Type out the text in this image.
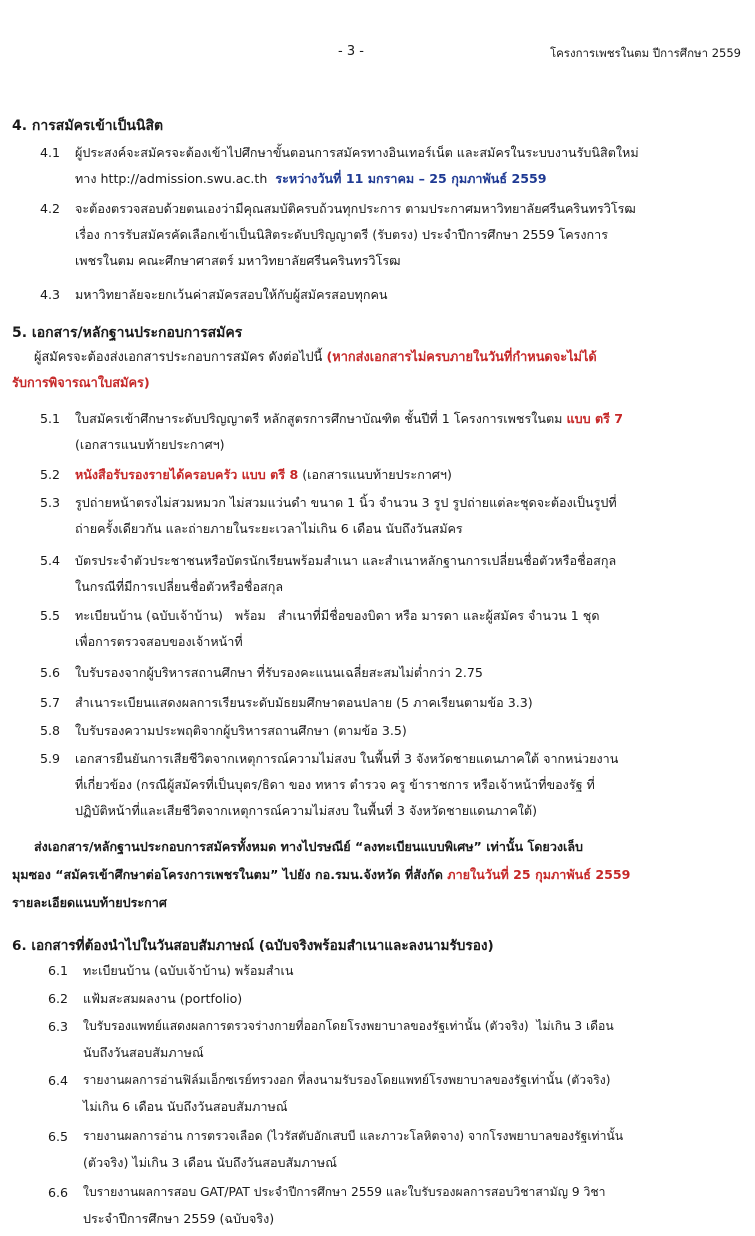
- 3 -	โครงการเพชรในตม ปีการศึกษา 2559
4. การสมัครเข้าเป็นนิสิต
4.1	ผู้ประสงค์จะสมัครจะต้องเข้าไปศึกษาขั้นตอนการสมัครทางอินเทอร์เน็ต และสมัครในระบบงานรับนิสิตใหม่
ทาง http://admission.swu.ac.th ระหว่างวันที่ 11 มกราคม – 25 กุมภาพันธ์ 2559
4.2	จะต้องตรวจสอบด้วยตนเองว่ามีคุณสมบัติครบถ้วนทุกประการ ตามประกาศมหาวิทยาลัยศรีนครินทรวิโรฒ
เรื่อง การรับสมัครคัดเลือกเข้าเป็นนิสิตระดับปริญญาตรี (รับตรง) ประจำปีการศึกษา 2559 โครงการ
เพชรในตม คณะศึกษาศาสตร์ มหาวิทยาลัยศรีนครินทรวิโรฒ
4.3	มหาวิทยาลัยจะยกเว้นค่าสมัครสอบให้กับผู้สมัครสอบทุกคน
5. เอกสาร/หลักฐานประกอบการสมัคร
ผู้สมัครจะต้องส่งเอกสารประกอบการสมัคร ดังต่อไปนี้ (หากส่งเอกสารไม่ครบภายในวันที่กำหนดจะไม่ได้
รับการพิจารณาใบสมัคร)
5.1	ใบสมัครเข้าศึกษาระดับปริญญาตรี หลักสูตรการศึกษาบัณฑิต ชั้นปีที่ 1 โครงการเพชรในตม แบบ ตรี 7
(เอกสารแนบท้ายประกาศฯ)
5.2	หนังสือรับรองรายได้ครอบครัว แบบ ตรี 8 (เอกสารแนบท้ายประกาศฯ)
5.3	รูปถ่ายหน้าตรงไม่สวมหมวก ไม่สวมแว่นดำ ขนาด 1 นิ้ว จำนวน 3 รูป รูปถ่ายแต่ละชุดจะต้องเป็นรูปที่
ถ่ายครั้งเดียวกัน และถ่ายภายในระยะเวลาไม่เกิน 6 เดือน นับถึงวันสมัคร
5.4	บัตรประจำตัวประชาชนหรือบัตรนักเรียนพร้อมสำเนา และสำเนาหลักฐานการเปลี่ยนชื่อตัวหรือชื่อสกุล
ในกรณีที่มีการเปลี่ยนชื่อตัวหรือชื่อสกุล
5.5	ทะเบียนบ้าน (ฉบับเจ้าบ้าน)   พร้อม   สำเนาที่มีชื่อของบิดา หรือ มารดา และผู้สมัคร จำนวน 1 ชุด
เพื่อการตรวจสอบของเจ้าหน้าที่
5.6	ใบรับรองจากผู้บริหารสถานศึกษา ที่รับรองคะแนนเฉลี่ยสะสมไม่ต่ำกว่า 2.75
5.7	สำเนาระเบียนแสดงผลการเรียนระดับมัธยมศึกษาตอนปลาย (5 ภาคเรียนตามข้อ 3.3)
5.8	ใบรับรองความประพฤติจากผู้บริหารสถานศึกษา (ตามข้อ 3.5)
5.9	เอกสารยืนยันการเสียชีวิตจากเหตุการณ์ความไม่สงบ ในพื้นที่ 3 จังหวัดชายแดนภาคใต้ จากหน่วยงาน
ที่เกี่ยวข้อง (กรณีผู้สมัครที่เป็นบุตร/ธิดา ของ ทหาร ตำรวจ ครู ข้าราชการ หรือเจ้าหน้าที่ของรัฐ ที่
ปฏิบัติหน้าที่และเสียชีวิตจากเหตุการณ์ความไม่สงบ ในพื้นที่ 3 จังหวัดชายแดนภาคใต้)
ส่งเอกสาร/หลักฐานประกอบการสมัครทั้งหมด ทางไปรษณีย์ “ลงทะเบียนแบบพิเศษ” เท่านั้น โดยวงเล็บ
มุมซอง “สมัครเข้าศึกษาต่อโครงการเพชรในตม” ไปยัง กอ.รมน.จังหวัด ที่สังกัด ภายในวันที่ 25 กุมภาพันธ์ 2559
รายละเอียดแนบท้ายประกาศ
6. เอกสารที่ต้องนำไปในวันสอบสัมภาษณ์ (ฉบับจริงพร้อมสำเนาและลงนามรับรอง)
6.1	ทะเบียนบ้าน (ฉบับเจ้าบ้าน) พร้อมสำเน
6.2	แฟ้มสะสมผลงาน (portfolio)
6.3	ใบรับรองแพทย์แสดงผลการตรวจร่างกายที่ออกโดยโรงพยาบาลของรัฐเท่านั้น (ตัวจริง)  ไม่เกิน 3 เดือน
นับถึงวันสอบสัมภาษณ์
6.4	รายงานผลการอ่านฟิล์มเอ็กซเรย์ทรวงอก ที่ลงนามรับรองโดยแพทย์โรงพยาบาลของรัฐเท่านั้น (ตัวจริง)
ไม่เกิน 6 เดือน นับถึงวันสอบสัมภาษณ์
6.5	รายงานผลการอ่าน การตรวจเลือด (ไวรัสตับอักเสบบี และภาวะโลหิตจาง) จากโรงพยาบาลของรัฐเท่านั้น
(ตัวจริง) ไม่เกิน 3 เดือน นับถึงวันสอบสัมภาษณ์
6.6	ใบรายงานผลการสอบ GAT/PAT ประจำปีการศึกษา 2559 และใบรับรองผลการสอบวิชาสามัญ 9 วิชา
ประจำปีการศึกษา 2559 (ฉบับจริง)
